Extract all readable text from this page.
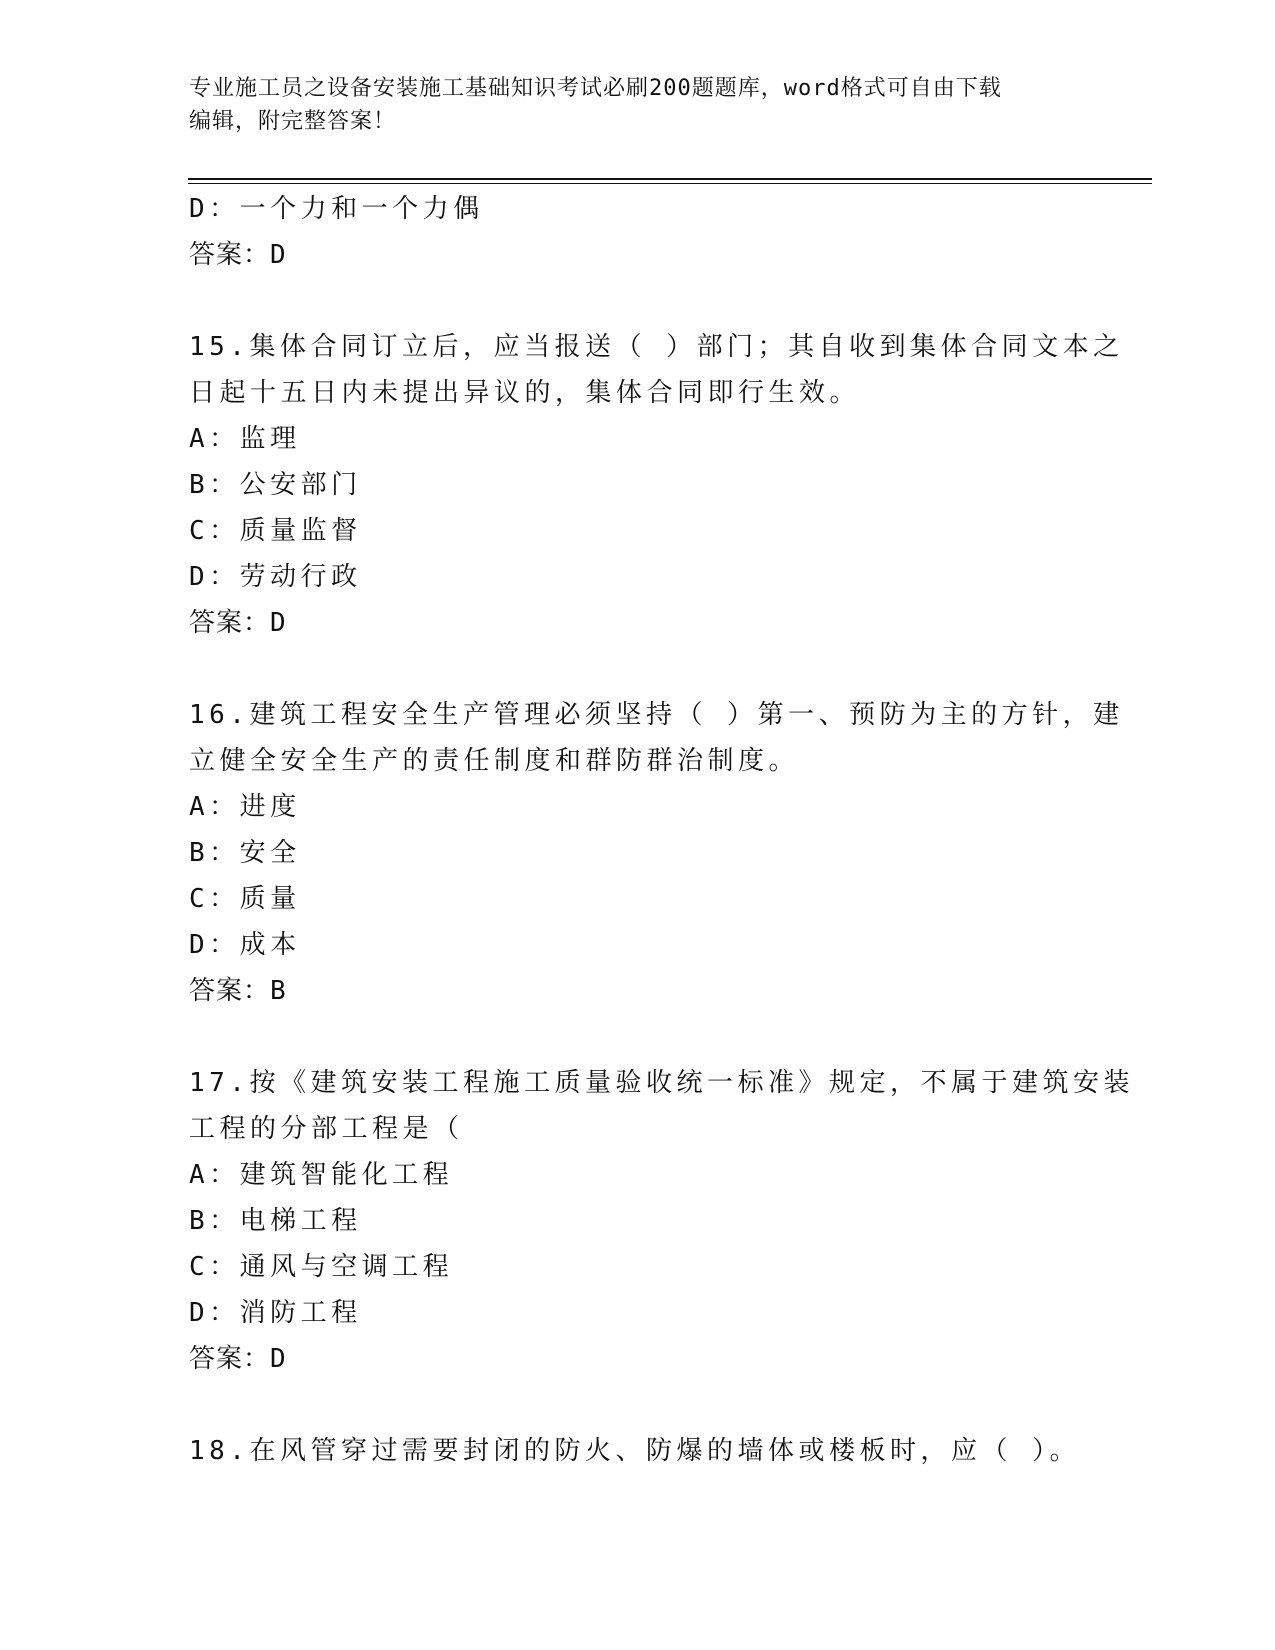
专业施工员之设备安装施工基础知识考试必刷200题题库，word格式可自由下载
编辑，附完整答案！
D：一个力和一个力偶
答案：D
15.集体合同订立后，应当报送（ ）部门；其自收到集体合同文本之
日起十五日内未提出异议的，集体合同即行生效。
A：监理
B：公安部门
C：质量监督
D：劳动行政
答案：D
16.建筑工程安全生产管理必须坚持（ ）第一、预防为主的方针，建
立健全安全生产的责任制度和群防群治制度。
A：进度
B：安全
C：质量
D：成本
答案：B
17.按《建筑安装工程施工质量验收统一标准》规定，不属于建筑安装
工程的分部工程是（
A：建筑智能化工程
B：电梯工程
C：通风与空调工程
D：消防工程
答案：D
18.在风管穿过需要封闭的防火、防爆的墙体或楼板时，应（ ）。
